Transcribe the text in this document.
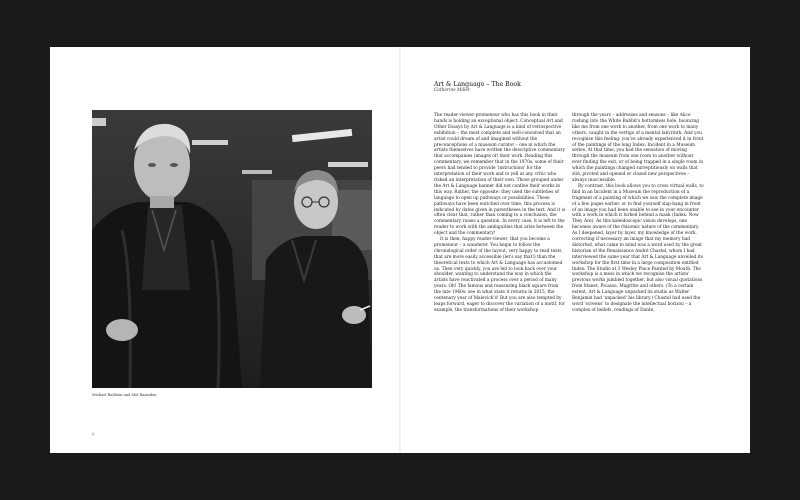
Michael Baldwin and Mel Ramsden
2
Art & Language – The Book
Catherine Millet

The reader-viewer-promeneur who has this book in their hands is holding an exceptional object. Conceptual Art and Other Essays by Art & Language is a kind of retrospective exhibition – the most complete and well-conceived that an artist could dream of and imagined without the preconceptions of a museum curator – one in which the artists themselves have written the descriptive commentary that accompanies (images of) their work. Reading this commentary, we remember that in the 1970s, some of their peers had tended to provide 'instructions' for the interpretation of their work and to yell at any critic who risked an interpretation of their own. Those grouped under the Art & Language banner did not confine their works in this way. Rather, the opposite: they used the subtleties of language to open up pathways or possibilities. These pathways have been enriched over time; this process is indicated by dates given in parentheses in the text. And it is often clear that, rather than coming to a conclusion, the commentary raises a question. In every case, it is left to the reader to work with the ambiguities that arise between the object and the commentary!

It is then, happy reader-viewer, that you become a promeneur – a wanderer. You begin to follow the chronological order of the layout, very happy to read texts that are more easily accessible (let's say that!) than the theoretical texts to which Art & Language has accustomed us. Then very quickly, you are led to look back over your shoulder, wanting to understand the way in which the artists have reactivated a process over a period of many years. Oh! The famous and reassuring black square from the late 1960s: see in what state it returns in 2015, the centenary year of Malevich's! But you are also tempted by leaps forward, eager to discover the variation of a motif, for example, the transformations of their workshop

through the years – addresses and seasons – like Alice rushing into the White Rabbit's bottomless hole, bouncing like me from one work to another, from one work to many others, caught in the vertigo of a mental labyrinth. And you recognise this feeling: you've already experienced it in front of the paintings of the long Index: Incident in a Museum series. At that time, you had the sensation of moving through the museum from one room to another without ever finding the exit, or of being trapped in a single room in which the paintings changed surreptitiously on walls that slid, pivoted and opened or closed new perspectives – always inaccessible.

By contrast, this book allows you to cross virtual walls, to find in an Incident in a Museum the reproduction of a fragment of a painting of which we saw the complete image of a few pages earlier, or to find yourself slap-bang in front of an image you had been unable to see in your encounter with a work in which it lurked behind a mask (Index: Now They Are). As this kaleidoscopic vision develops, one becomes aware of the rhizomic nature of the commentary. As I deepened, layer by layer, my knowledge of the work, correcting if necessary an image that my memory had distorted, what came to mind was a word used by the great historian of the Renaissance André Chastel, whom I had interviewed the same year that Art & Language unveiled its workshop for the first time in a large composition entitled Index: The Studio at 3 Wesley Place Painted by Mouth. The workshop is a mess in which we recognise the artists' previous works jumbled together, but also visual quotations from Manet, Picasso, Magritte and others. (To a certain extent, Art & Language unpacked its studio as Walter Benjamin had 'unpacked' his library.) Chastel had used the word 'screens' to designate the intellectual horizon – a complex of beliefs, readings of Dante,
